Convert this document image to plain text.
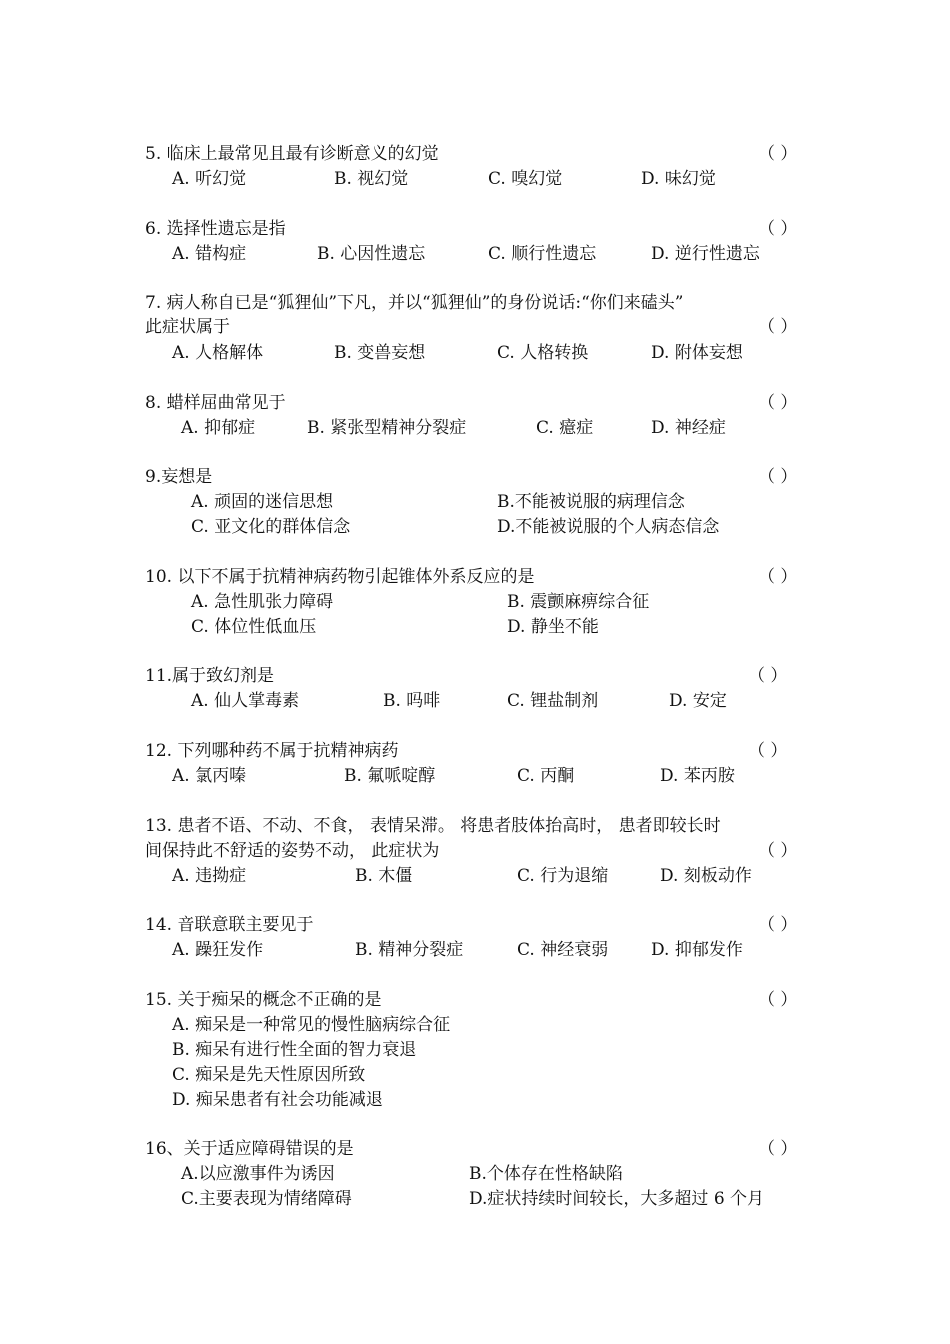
5. 临床上最常见且最有诊断意义的幻觉	（ ）
A. 听幻觉	B. 视幻觉	C. 嗅幻觉	D. 味幻觉
6. 选择性遗忘是指	（ ）
A. 错构症	B. 心因性遗忘	C. 顺行性遗忘	D. 逆行性遗忘
7. 病人称自已是“狐狸仙”下凡，并以“狐狸仙”的身份说话:“你们来磕头”
此症状属于	（ ）
A. 人格解体	B. 变兽妄想	C. 人格转换	D. 附体妄想
8. 蜡样屈曲常见于	（ ）
A. 抑郁症	B. 紧张型精神分裂症	C. 癔症	D. 神经症
9.妄想是	（ ）
A. 顽固的迷信思想	B.不能被说服的病理信念
C. 亚文化的群体信念	D.不能被说服的个人病态信念
10. 以下不属于抗精神病药物引起锥体外系反应的是	（ ）
A. 急性肌张力障碍	B. 震颤麻痹综合征
C. 体位性低血压	D. 静坐不能
11.属于致幻剂是	（ ）
A. 仙人掌毒素	B. 吗啡	C. 锂盐制剂	D. 安定
12. 下列哪种药不属于抗精神病药	（ ）
A. 氯丙嗪	B. 氟哌啶醇	C. 丙酮	D. 苯丙胺
13. 患者不语、不动、不食， 表情呆滞。 将患者肢体抬高时， 患者即较长时
间保持此不舒适的姿势不动， 此症状为	（ ）
A. 违拗症	B. 木僵	C. 行为退缩	D. 刻板动作
14. 音联意联主要见于	（ ）
A. 躁狂发作	B. 精神分裂症	C. 神经衰弱	D. 抑郁发作
15. 关于痴呆的概念不正确的是	（ ）
A. 痴呆是一种常见的慢性脑病综合征
B. 痴呆有进行性全面的智力衰退
C. 痴呆是先天性原因所致
D. 痴呆患者有社会功能减退
16、关于适应障碍错误的是	（ ）
A.以应激事件为诱因	B.个体存在性格缺陷
C.主要表现为情绪障碍	D.症状持续时间较长，大多超过 6 个月
